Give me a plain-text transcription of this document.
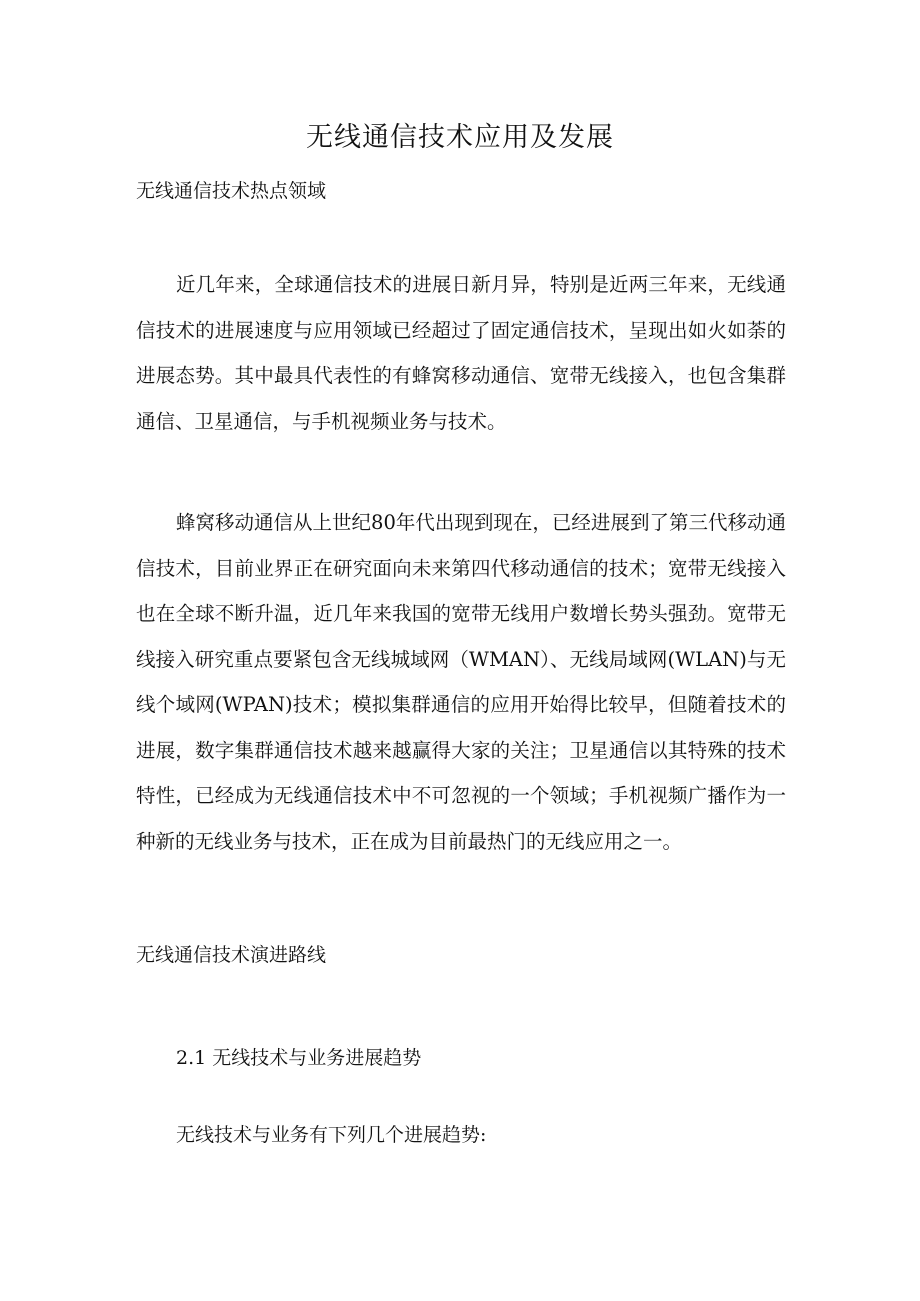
无线通信技术应用及发展
无线通信技术热点领域

近几年来，全球通信技术的进展日新月异，特别是近两三年来，无线通信技术的进展速度与应用领域已经超过了固定通信技术，呈现出如火如荼的进展态势。其中最具代表性的有蜂窝移动通信、宽带无线接入，也包含集群通信、卫星通信，与手机视频业务与技术。

蜂窝移动通信从上世纪80年代出现到现在，已经进展到了第三代移动通信技术，目前业界正在研究面向未来第四代移动通信的技术；宽带无线接入也在全球不断升温，近几年来我国的宽带无线用户数增长势头强劲。宽带无线接入研究重点要紧包含无线城域网（WMAN）、无线局域网(WLAN)与无线个域网(WPAN)技术；模拟集群通信的应用开始得比较早，但随着技术的进展，数字集群通信技术越来越赢得大家的关注；卫星通信以其特殊的技术特性，已经成为无线通信技术中不可忽视的一个领域；手机视频广播作为一种新的无线业务与技术，正在成为目前最热门的无线应用之一。

无线通信技术演进路线

2.1 无线技术与业务进展趋势

无线技术与业务有下列几个进展趋势:
